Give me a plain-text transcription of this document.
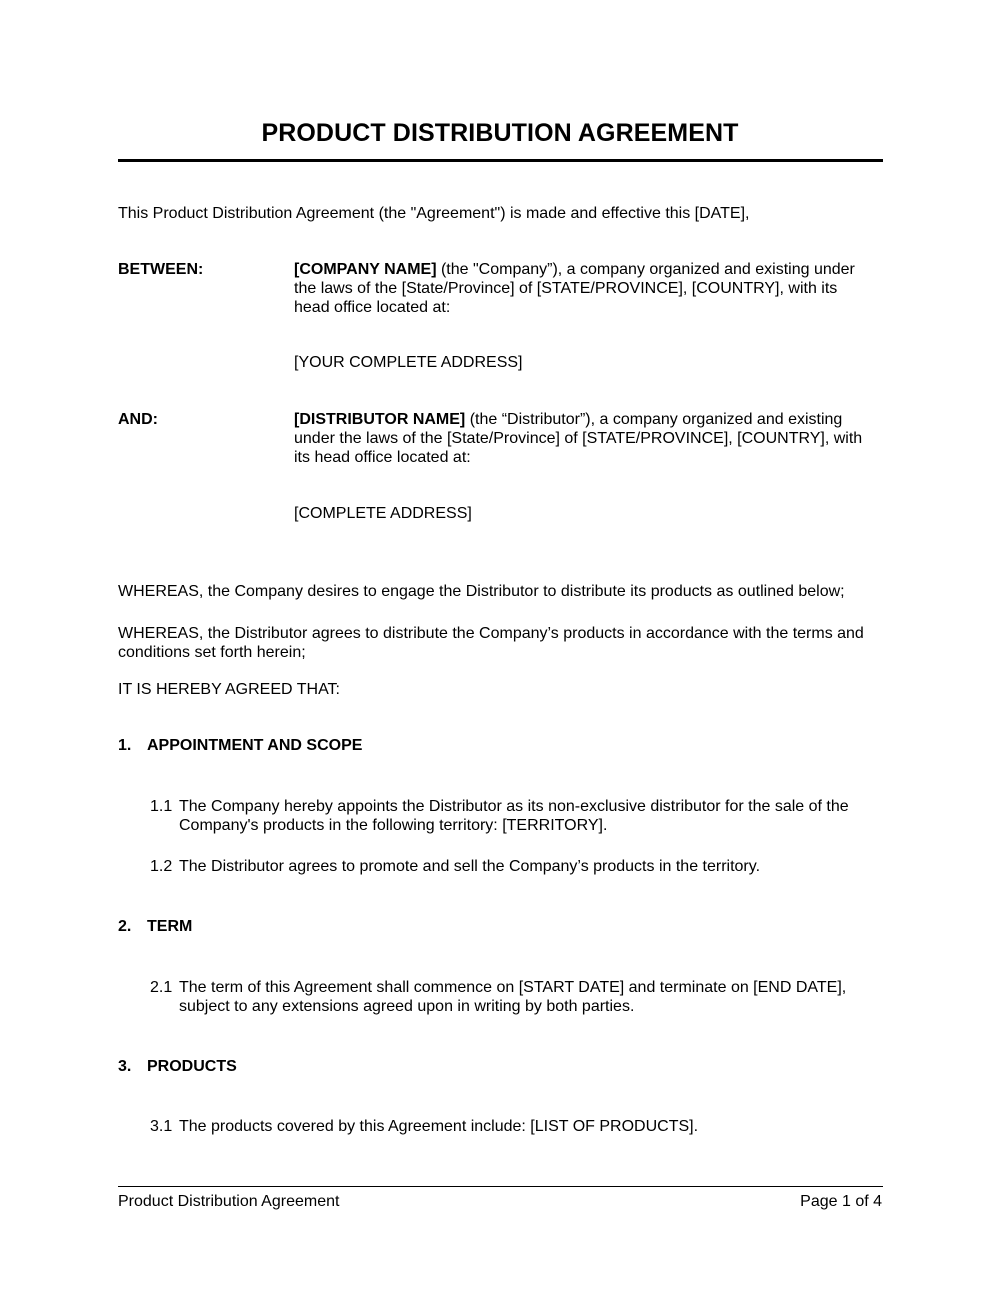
PRODUCT DISTRIBUTION AGREEMENT
This Product Distribution Agreement (the "Agreement") is made and effective this [DATE],
BETWEEN:	[COMPANY NAME] (the "Company”), a company organized and existing under
the laws of the [State/Province] of [STATE/PROVINCE], [COUNTRY], with its
head office located at:
[YOUR COMPLETE ADDRESS]
AND:	[DISTRIBUTOR NAME] (the “Distributor”), a company organized and existing
under the laws of the [State/Province] of [STATE/PROVINCE], [COUNTRY], with
its head office located at:
[COMPLETE ADDRESS]
WHEREAS, the Company desires to engage the Distributor to distribute its products as outlined below;
WHEREAS, the Distributor agrees to distribute the Company’s products in accordance with the terms and
conditions set forth herein;
IT IS HEREBY AGREED THAT:
1. APPOINTMENT AND SCOPE
1.1 The Company hereby appoints the Distributor as its non-exclusive distributor for the sale of the
Company's products in the following territory: [TERRITORY].
1.2 The Distributor agrees to promote and sell the Company’s products in the territory.
2. TERM
2.1 The term of this Agreement shall commence on [START DATE] and terminate on [END DATE],
subject to any extensions agreed upon in writing by both parties.
3. PRODUCTS
3.1 The products covered by this Agreement include: [LIST OF PRODUCTS].
Product Distribution Agreement	Page 1 of 4
